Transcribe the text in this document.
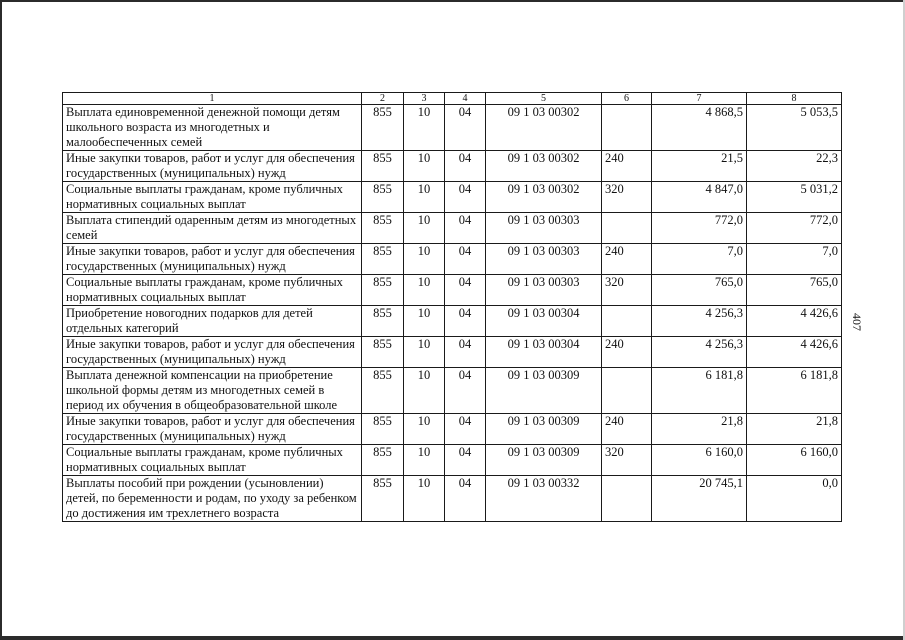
1	2	3	4	5	6	7	8
Выплата единовременной денежной помощи детям школьного возраста из многодетных и малообеспеченных семей	855	10	04	09 1 03 00302		4 868,5	5 053,5
Иные закупки товаров, работ и услуг для обеспечения государственных (муниципальных) нужд	855	10	04	09 1 03 00302	240	21,5	22,3
Социальные выплаты гражданам, кроме публичных нормативных социальных выплат	855	10	04	09 1 03 00302	320	4 847,0	5 031,2
Выплата стипендий одаренным детям из многодетных семей	855	10	04	09 1 03 00303		772,0	772,0
Иные закупки товаров, работ и услуг для обеспечения государственных (муниципальных) нужд	855	10	04	09 1 03 00303	240	7,0	7,0
Социальные выплаты гражданам, кроме публичных нормативных социальных выплат	855	10	04	09 1 03 00303	320	765,0	765,0
Приобретение новогодних подарков для детей отдельных категорий	855	10	04	09 1 03 00304		4 256,3	4 426,6
Иные закупки товаров, работ и услуг для обеспечения государственных (муниципальных) нужд	855	10	04	09 1 03 00304	240	4 256,3	4 426,6
Выплата денежной компенсации на приобретение школьной формы детям из многодетных семей в период их обучения в общеобразовательной школе	855	10	04	09 1 03 00309		6 181,8	6 181,8
Иные закупки товаров, работ и услуг для обеспечения государственных (муниципальных) нужд	855	10	04	09 1 03 00309	240	21,8	21,8
Социальные выплаты гражданам, кроме публичных нормативных социальных выплат	855	10	04	09 1 03 00309	320	6 160,0	6 160,0
Выплаты пособий при рождении (усыновлении) детей, по беременности и родам, по уходу за ребенком до достижения им трехлетнего возраста	855	10	04	09 1 03 00332		20 745,1	0,0
407
